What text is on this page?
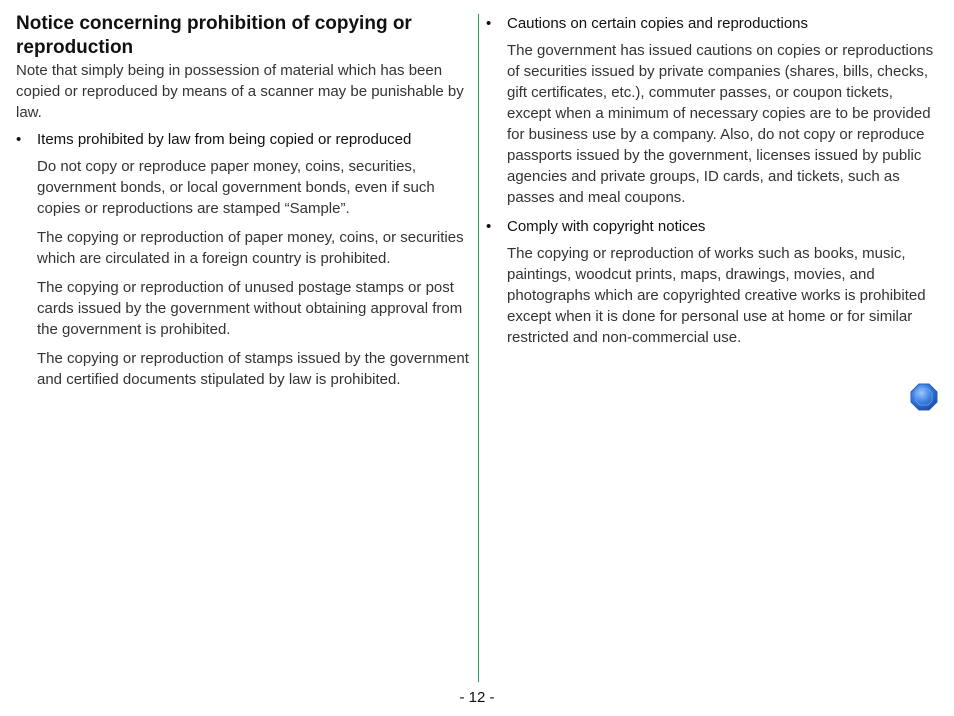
Notice concerning prohibition of copying or reproduction

Note that simply being in possession of material which has been copied or reproduced by means of a scanner may be punishable by law.

• Items prohibited by law from being copied or reproduced

Do not copy or reproduce paper money, coins, securities, government bonds, or local government bonds, even if such copies or reproductions are stamped “Sample”.

The copying or reproduction of paper money, coins, or securities which are circulated in a foreign country is prohibited.

The copying or reproduction of unused postage stamps or post cards issued by the government without obtaining approval from the government is prohibited.

The copying or reproduction of stamps issued by the government and certified documents stipulated by law is prohibited.

• Cautions on certain copies and reproductions

The government has issued cautions on copies or reproductions of securities issued by private companies (shares, bills, checks, gift certificates, etc.), commuter passes, or coupon tickets, except when a minimum of necessary copies are to be provided for business use by a company. Also, do not copy or reproduce passports issued by the government, licenses issued by public agencies and private groups, ID cards, and tickets, such as passes and meal coupons.

• Comply with copyright notices

The copying or reproduction of works such as books, music, paintings, woodcut prints, maps, drawings, movies, and photographs which are copyrighted creative works is prohibited except when it is done for personal use at home or for similar restricted and non-commercial use.

- 12 -
